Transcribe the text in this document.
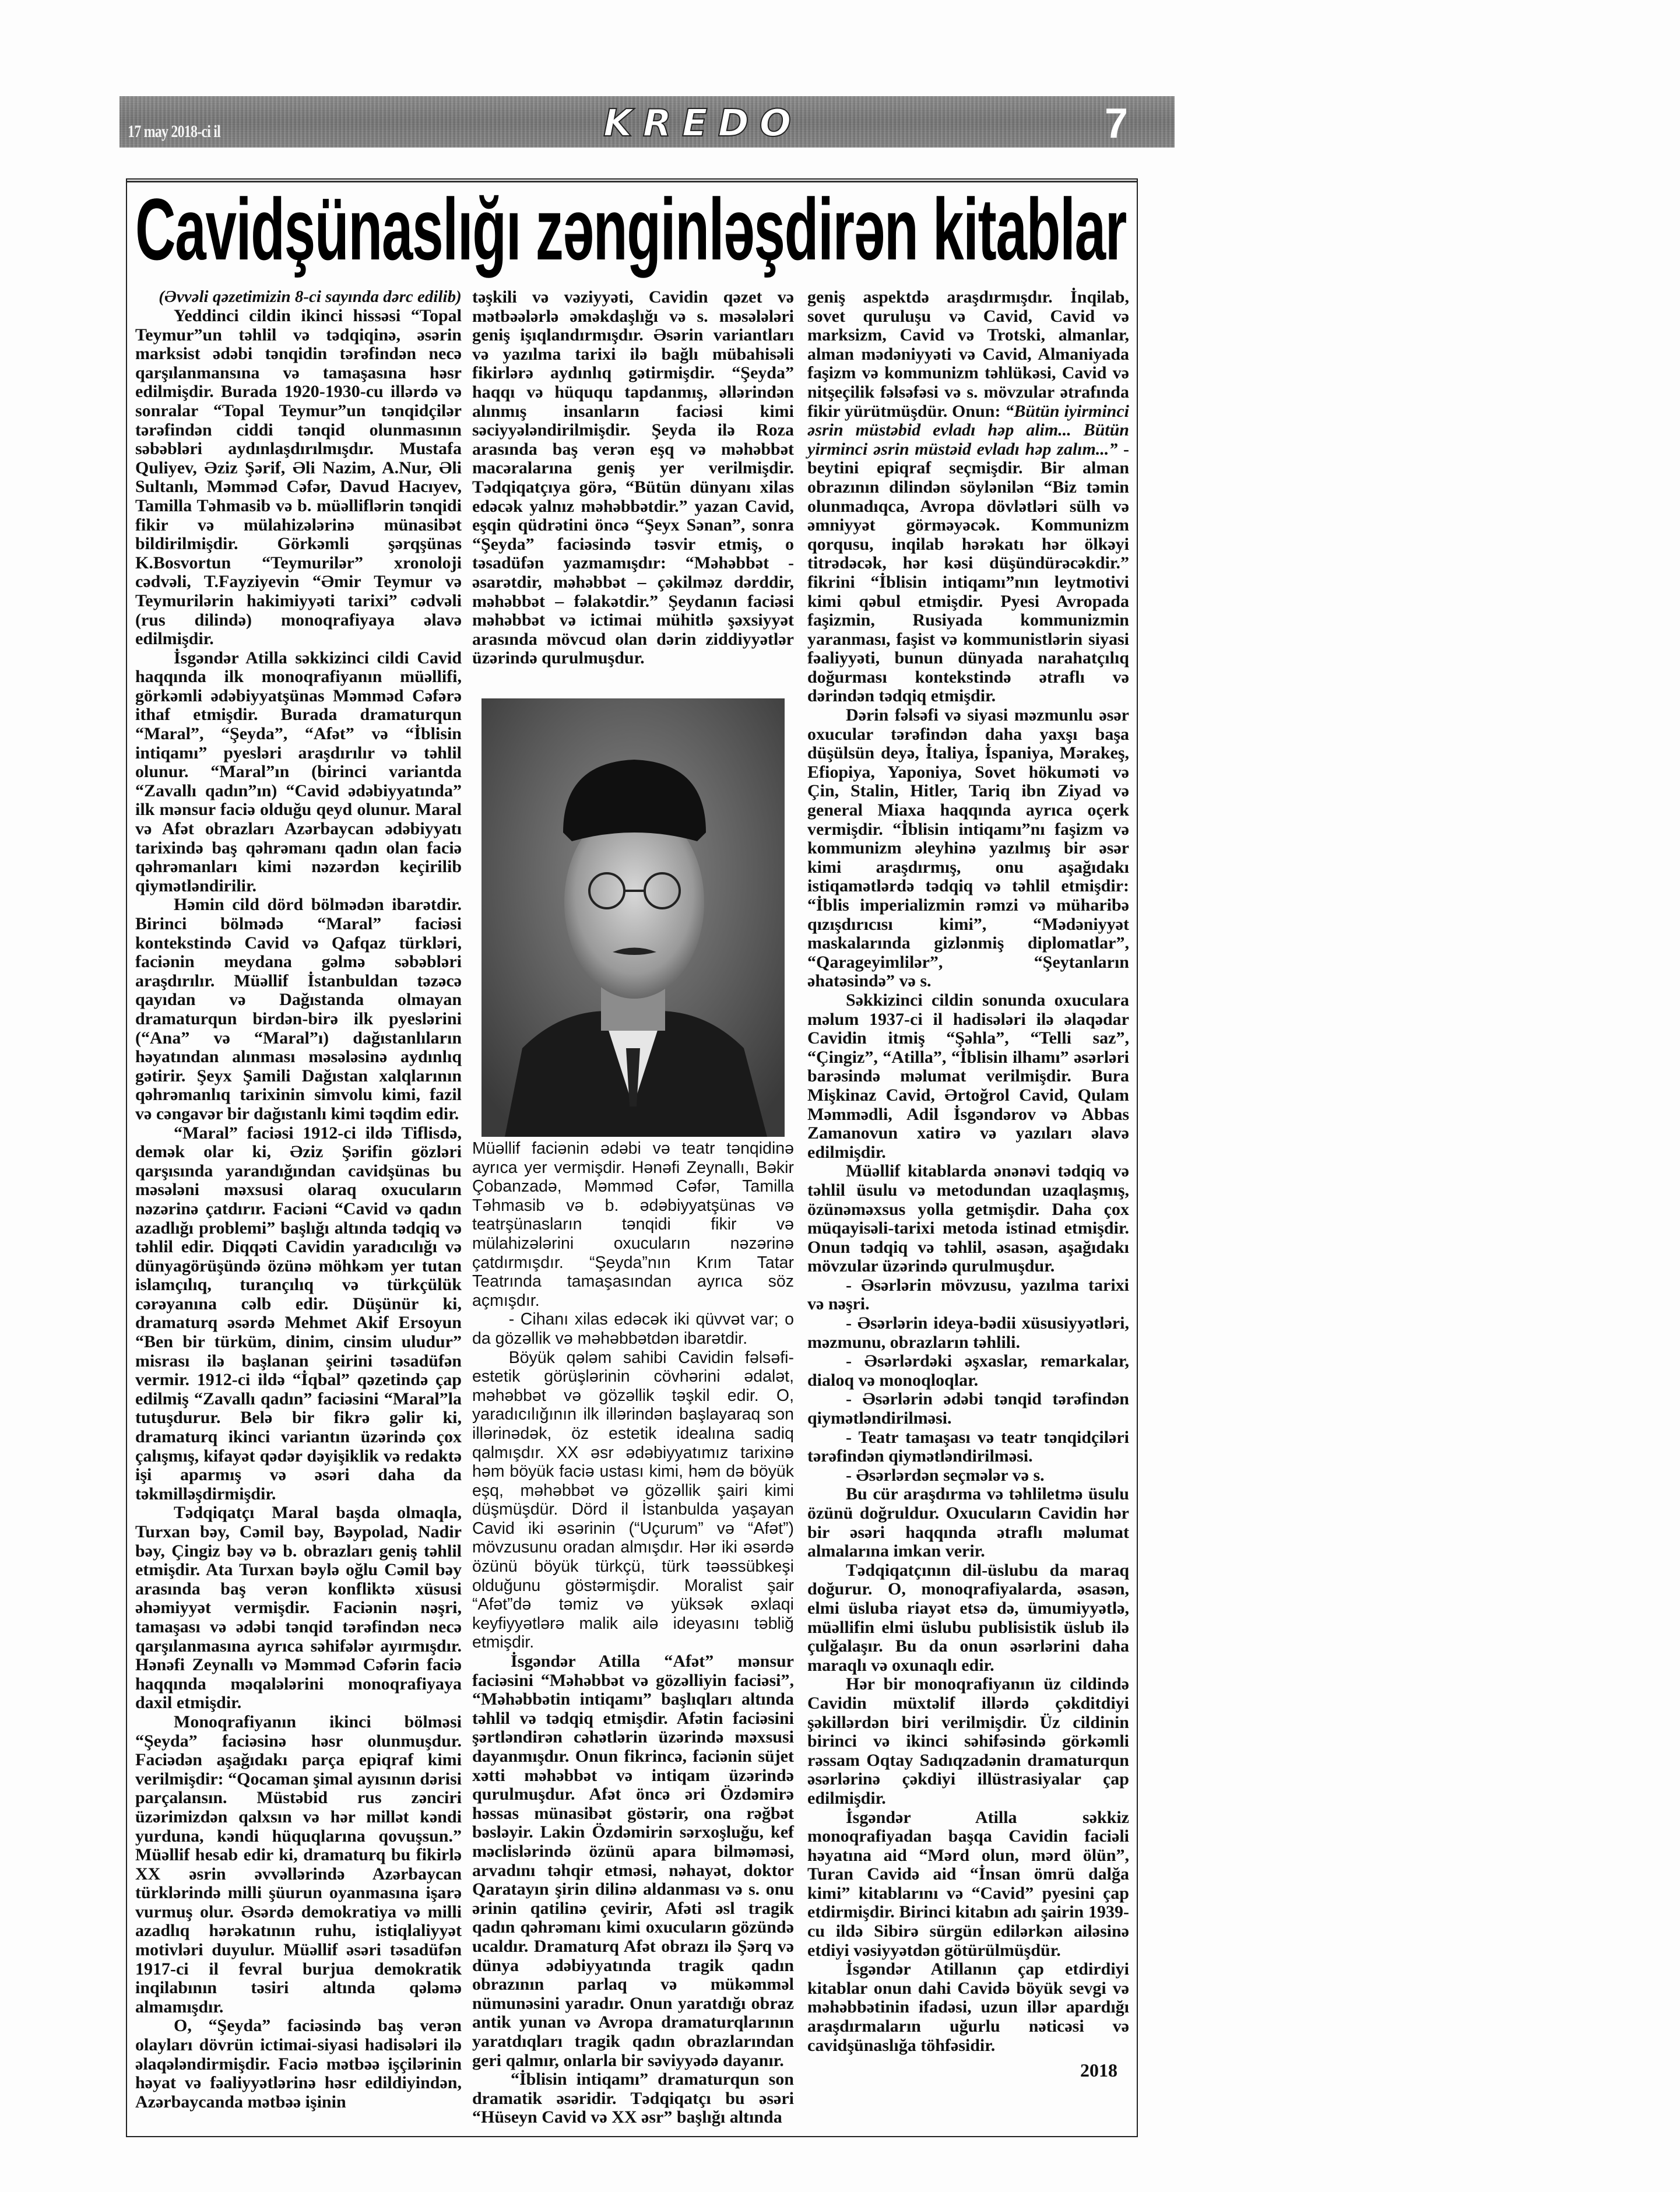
17 may 2018-ci il	KREDO	7
Cavidşünaslığı zənginləşdirən kitablar

(Əvvəli qəzetimizin 8-ci sayında dərc edilib)

Yeddinci cildin ikinci hissəsi “Topal Teymur”un təhlil və tədqiqinə, əsərin marksist ədəbi tənqidin tərəfindən necə qarşılanmansına və tamaşasına həsr edilmişdir. Burada 1920-1930-cu illərdə və sonralar “Topal Teymur”un tənqidçilər tərəfindən ciddi tənqid olunmasının səbəbləri aydınlaşdırılmışdır. Mustafa Quliyev, Əziz Şərif, Əli Nazim, A.Nur, Əli Sultanlı, Məmməd Cəfər, Davud Hacıyev, Tamilla Təhmasib və b. müəlliflərin tənqidi fikir və mülahizələrinə münasibət bildirilmişdir. Görkəmli şərqşünas K.Bosvortun “Teymurilər” xronoloji cədvəli, T.Fayziyevin “Əmir Teymur və Teymurilərin hakimiyyəti tarixi” cədvəli (rus dilində) monoqrafiyaya əlavə edilmişdir.

İsgəndər Atilla səkkizinci cildi Cavid haqqında ilk monoqrafiyanın müəllifi, görkəmli ədəbiyyatşünas Məmməd Cəfərə ithaf etmişdir. Burada dramaturqun “Maral”, “Şeyda”, “Afət” və “İblisin intiqamı” pyesləri araşdırılır və təhlil olunur. “Maral”ın (birinci variantda “Zavallı qadın”ın) “Cavid ədəbiyyatında” ilk mənsur faciə olduğu qeyd olunur. Maral və Afət obrazları Azərbaycan ədəbiyyatı tarixində baş qəhrəmanı qadın olan faciə qəhrəmanları kimi nəzərdən keçirilib qiymətləndirilir.

Həmin cild dörd bölmədən ibarətdir. Birinci bölmədə “Maral” faciəsi kontekstində Cavid və Qafqaz türkləri, faciənin meydana gəlmə səbəbləri araşdırılır. Müəllif İstanbuldan təzəcə qayıdan və Dağıstanda olmayan dramaturqun birdən-birə ilk pyeslərini (“Ana” və “Maral”ı) dağıstanlıların həyatından alınması məsələsinə aydınlıq gətirir. Şeyx Şamili Dağıstan xalqlarının qəhrəmanlıq tarixinin simvolu kimi, fazil və cəngavər bir dağıstanlı kimi təqdim edir.

“Maral” faciəsi 1912-ci ildə Tiflisdə, demək olar ki, Əziz Şərifin gözləri qarşısında yarandığından cavidşünas bu məsələni məxsusi olaraq oxucuların nəzərinə çatdırır. Faciəni “Cavid və qadın azadlığı problemi” başlığı altında tədqiq və təhlil edir. Diqqəti Cavidin yaradıcılığı və dünyagörüşündə özünə möhkəm yer tutan islamçılıq, turançılıq və türkçülük cərəyanına cəlb edir. Düşünür ki, dramaturq əsərdə Mehmet Akif Ersoyun “Ben bir türküm, dinim, cinsim uludur” misrası ilə başlanan şeirini təsadüfən vermir. 1912-ci ildə “İqbal” qəzetində çap edilmiş “Zavallı qadın” faciəsini “Maral”la tutuşdurur. Belə bir fikrə gəlir ki, dramaturq ikinci variantın üzərində çox çalışmış, kifayət qədər dəyişiklik və redaktə işi aparmış və əsəri daha da təkmilləşdirmişdir.

Tədqiqatçı Maral başda olmaqla, Turxan bəy, Cəmil bəy, Bəypolad, Nadir bəy, Çingiz bəy və b. obrazları geniş təhlil etmişdir. Ata Turxan bəylə oğlu Cəmil bəy arasında baş verən konfliktə xüsusi əhəmiyyət vermişdir. Faciənin nəşri, tamaşası və ədəbi tənqid tərəfindən necə qarşılanmasına ayrıca səhifələr ayırmışdır. Hənəfi Zeynallı və Məmməd Cəfərin faciə haqqında məqalələrini monoqrafiyaya daxil etmişdir.

Monoqrafiyanın ikinci bölməsi “Şeyda” faciəsinə həsr olunmuşdur. Faciədən aşağıdakı parça epiqraf kimi verilmişdir: “Qocaman şimal ayısının dərisi parçalansın. Müstəbid rus zənciri üzərimizdən qalxsın və hər millət kəndi yurduna, kəndi hüquqlarına qovuşsun.” Müəllif hesab edir ki, dramaturq bu fikirlə XX əsrin əvvəllərində Azərbaycan türklərində milli şüurun oyanmasına işarə vurmuş olur. Əsərdə demokratiya və milli azadlıq hərəkatının ruhu, istiqlaliyyət motivləri duyulur. Müəllif əsəri təsadüfən 1917-ci il fevral burjua demokratik inqilabının təsiri altında qələmə almamışdır.

O, “Şeyda” faciəsində baş verən olayları dövrün ictimai-siyasi hadisələri ilə əlaqələndirmişdir. Faciə mətbəə işçilərinin həyat və fəaliyyətlərinə həsr edildiyindən, Azərbaycanda mətbəə işinin

təşkili və vəziyyəti, Cavidin qəzet və mətbəələrlə əməkdaşlığı və s. məsələləri geniş işıqlandırmışdır. Əsərin variantları və yazılma tarixi ilə bağlı mübahisəli fikirlərə aydınlıq gətirmişdir. “Şeyda” haqqı və hüququ tapdanmış, əllərindən alınmış insanların faciəsi kimi səciyyələndirilmişdir. Şeyda ilə Roza arasında baş verən eşq və məhəbbət macəralarına geniş yer verilmişdir. Tədqiqatçıya görə, “Bütün dünyanı xilas edəcək yalnız məhəbbətdir.” yazan Cavid, eşqin qüdrətini öncə “Şeyx Sənan”, sonra “Şeyda” faciəsində təsvir etmiş, o təsadüfən yazmamışdır: “Məhəbbət - əsarətdir, məhəbbət – çəkilməz dərddir, məhəbbət – fəlakətdir.” Şeydanın faciəsi məhəbbət və ictimai mühitlə şəxsiyyət arasında mövcud olan dərin ziddiyyətlər üzərində qurulmuşdur.

Müəllif faciənin ədəbi və teatr tənqidinə ayrıca yer vermişdir. Hənəfi Zeynallı, Bəkir Çobanzadə, Məmməd Cəfər, Tamilla Təhmasib və b. ədəbiyyatşünas və teatrşünasların tənqidi fikir və mülahizələrini oxucuların nəzərinə çatdırmışdır. “Şeyda”nın Krım Tatar Teatrında tamaşasından ayrıca söz açmışdır.

- Cihanı xilas edəcək iki qüvvət var; o da gözəllik və məhəbbətdən ibarətdir.

Böyük qələm sahibi Cavidin fəlsəfi-estetik görüşlərinin cövhərini ədalət, məhəbbət və gözəllik təşkil edir. O, yaradıcılığının ilk illərindən başlayaraq son illərinədək, öz estetik idealına sadiq qalmışdır. XX əsr ədəbiyyatımız tarixinə həm böyük faciə ustası kimi, həm də böyük eşq, məhəbbət və gözəllik şairi kimi düşmüşdür. Dörd il İstanbulda yaşayan Cavid iki əsərinin (“Uçurum” və “Afət”) mövzusunu oradan almışdır. Hər iki əsərdə özünü böyük türkçü, türk təəssübkeşi olduğunu göstərmişdir. Moralist şair “Afət”də təmiz və yüksək əxlaqi keyfiyyətlərə malik ailə ideyasını təbliğ etmişdir.

İsgəndər Atilla “Afət” mənsur faciəsini “Məhəbbət və gözəlliyin faciəsi”, “Məhəbbətin intiqamı” başlıqları altında təhlil və tədqiq etmişdir. Afətin faciəsini şərtləndirən cəhətlərin üzərində məxsusi dayanmışdır. Onun fikrincə, faciənin süjet xətti məhəbbət və intiqam üzərində qurulmuşdur. Afət öncə əri Özdəmirə həssas münasibət göstərir, ona rəğbət bəsləyir. Lakin Özdəmirin sərxoşluğu, kef məclislərində özünü apara bilməməsi, arvadını təhqir etməsi, nəhayət, doktor Qaratayın şirin dilinə aldanması və s. onu ərinin qatilinə çevirir, Afəti əsl tragik qadın qəhrəmanı kimi oxucuların gözündə ucaldır. Dramaturq Afət obrazı ilə Şərq və dünya ədəbiyyatında tragik qadın obrazının parlaq və mükəmməl nümunəsini yaradır. Onun yaratdığı obraz antik yunan və Avropa dramaturqlarının yaratdıqları tragik qadın obrazlarından geri qalmır, onlarla bir səviyyədə dayanır.

“İblisin intiqamı” dramaturqun son dramatik əsəridir. Tədqiqatçı bu əsəri “Hüseyn Cavid və XX əsr” başlığı altında

geniş aspektdə araşdırmışdır. İnqilab, sovet quruluşu və Cavid, Cavid və marksizm, Cavid və Trotski, almanlar, alman mədəniyyəti və Cavid, Almaniyada faşizm və kommunizm təhlükəsi, Cavid və nitşeçilik fəlsəfəsi və s. mövzular ətrafında fikir yürütmüşdür. Onun: “Bütün iyirminci əsrin müstəbid evladı həp alim... Bütün yirminci əsrin müstəid evladı həp zalım...” - beytini epiqraf seçmişdir. Bir alman obrazının dilindən söylənilən “Biz təmin olunmadıqca, Avropa dövlətləri sülh və əmniyyət görməyəcək. Kommunizm qorqusu, inqilab hərəkatı hər ölkəyi titrədəcək, hər kəsi düşündürəcəkdir.” fikrini “İblisin intiqamı”nın leytmotivi kimi qəbul etmişdir. Pyesi Avropada faşizmin, Rusiyada kommunizmin yaranması, faşist və kommunistlərin siyasi fəaliyyəti, bunun dünyada narahatçılıq doğurması kontekstində ətraflı və dərindən tədqiq etmişdir.

Dərin fəlsəfi və siyasi məzmunlu əsər oxucular tərəfindən daha yaxşı başa düşülsün deyə, İtaliya, İspaniya, Mərakeş, Efiopiya, Yaponiya, Sovet hökuməti və Çin, Stalin, Hitler, Tariq ibn Ziyad və general Miaxa haqqında ayrıca oçerk vermişdir. “İblisin intiqamı”nı faşizm və kommunizm əleyhinə yazılmış bir əsər kimi araşdırmış, onu aşağıdakı istiqamətlərdə tədqiq və təhlil etmişdir: “İblis imperializmin rəmzi və müharibə qızışdırıcısı kimi”, “Mədəniyyət maskalarında gizlənmiş diplomatlar”, “Qarageyimlilər”, “Şeytanların əhatəsində” və s.

Səkkizinci cildin sonunda oxuculara məlum 1937-ci il hadisələri ilə əlaqədar Cavidin itmiş “Şəhla”, “Telli saz”, “Çingiz”, “Atilla”, “İblisin ilhamı” əsərləri barəsində məlumat verilmişdir. Bura Mişkinaz Cavid, Ərtoğrol Cavid, Qulam Məmmədli, Adil İsgəndərov və Abbas Zamanovun xatirə və yazıları əlavə edilmişdir.

Müəllif kitablarda ənənəvi tədqiq və təhlil üsulu və metodundan uzaqlaşmış, özünəməxsus yolla getmişdir. Daha çox müqayisəli-tarixi metoda istinad etmişdir. Onun tədqiq və təhlil, əsasən, aşağıdakı mövzular üzərində qurulmuşdur.

- Əsərlərin mövzusu, yazılma tarixi və nəşri.

- Əsərlərin ideya-bədii xüsusiyyətləri, məzmunu, obrazların təhlili.

- Əsərlərdəki əşxaslar, remarkalar, dialoq və monoqloqlar.

- Əsərlərin ədəbi tənqid tərəfindən qiymətləndirilməsi.

- Teatr tamaşası və teatr tənqidçiləri tərəfindən qiymətləndirilməsi.

- Əsərlərdən seçmələr və s.

Bu cür araşdırma və təhliletmə üsulu özünü doğruldur. Oxucuların Cavidin hər bir əsəri haqqında ətraflı məlumat almalarına imkan verir.

Tədqiqatçının dil-üslubu da maraq doğurur. O, monoqrafiyalarda, əsasən, elmi üsluba riayət etsə də, ümumiyyətlə, müəllifin elmi üslubu publisistik üslub ilə çulğalaşır. Bu da onun əsərlərini daha maraqlı və oxunaqlı edir.

Hər bir monoqrafiyanın üz cildində Cavidin müxtəlif illərdə çəkditdiyi şəkillərdən biri verilmişdir. Üz cildinin birinci və ikinci səhifəsində görkəmli rəssam Oqtay Sadıqzadənin dramaturqun əsərlərinə çəkdiyi illüstrasiyalar çap edilmişdir.

İsgəndər Atilla səkkiz monoqrafiyadan başqa Cavidin faciəli həyatına aid “Mərd olun, mərd ölün”, Turan Cavidə aid “İnsan ömrü dalğa kimi” kitablarını və “Cavid” pyesini çap etdirmişdir. Birinci kitabın adı şairin 1939-cu ildə Sibirə sürgün edilərkən ailəsinə etdiyi vəsiyyətdən götürülmüşdür.

İsgəndər Atillanın çap etdirdiyi kitablar onun dahi Cavidə böyük sevgi və məhəbbətinin ifadəsi, uzun illər apardığı araşdırmaların uğurlu nəticəsi və cavidşünaslığa töhfəsidir.

2018
